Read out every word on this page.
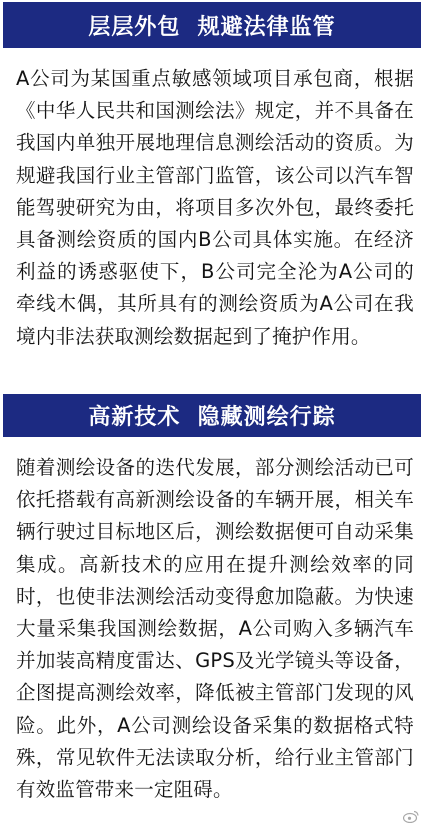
层层外包  规避法律监管

A公司为某国重点敏感领域项目承包商，根据《中华人民共和国测绘法》规定，并不具备在我国内单独开展地理信息测绘活动的资质。为规避我国行业主管部门监管，该公司以汽车智能驾驶研究为由，将项目多次外包，最终委托具备测绘资质的国内B公司具体实施。在经济利益的诱惑驱使下，B公司完全沦为A公司的牵线木偶，其所具有的测绘资质为A公司在我境内非法获取测绘数据起到了掩护作用。

高新技术  隐藏测绘行踪

随着测绘设备的迭代发展，部分测绘活动已可依托搭载有高新测绘设备的车辆开展，相关车辆行驶过目标地区后，测绘数据便可自动采集集成。高新技术的应用在提升测绘效率的同时，也使非法测绘活动变得愈加隐蔽。为快速大量采集我国测绘数据，A公司购入多辆汽车并加装高精度雷达、GPS及光学镜头等设备，企图提高测绘效率，降低被主管部门发现的风险。此外，A公司测绘设备采集的数据格式特殊，常见软件无法读取分析，给行业主管部门有效监管带来一定阻碍。
